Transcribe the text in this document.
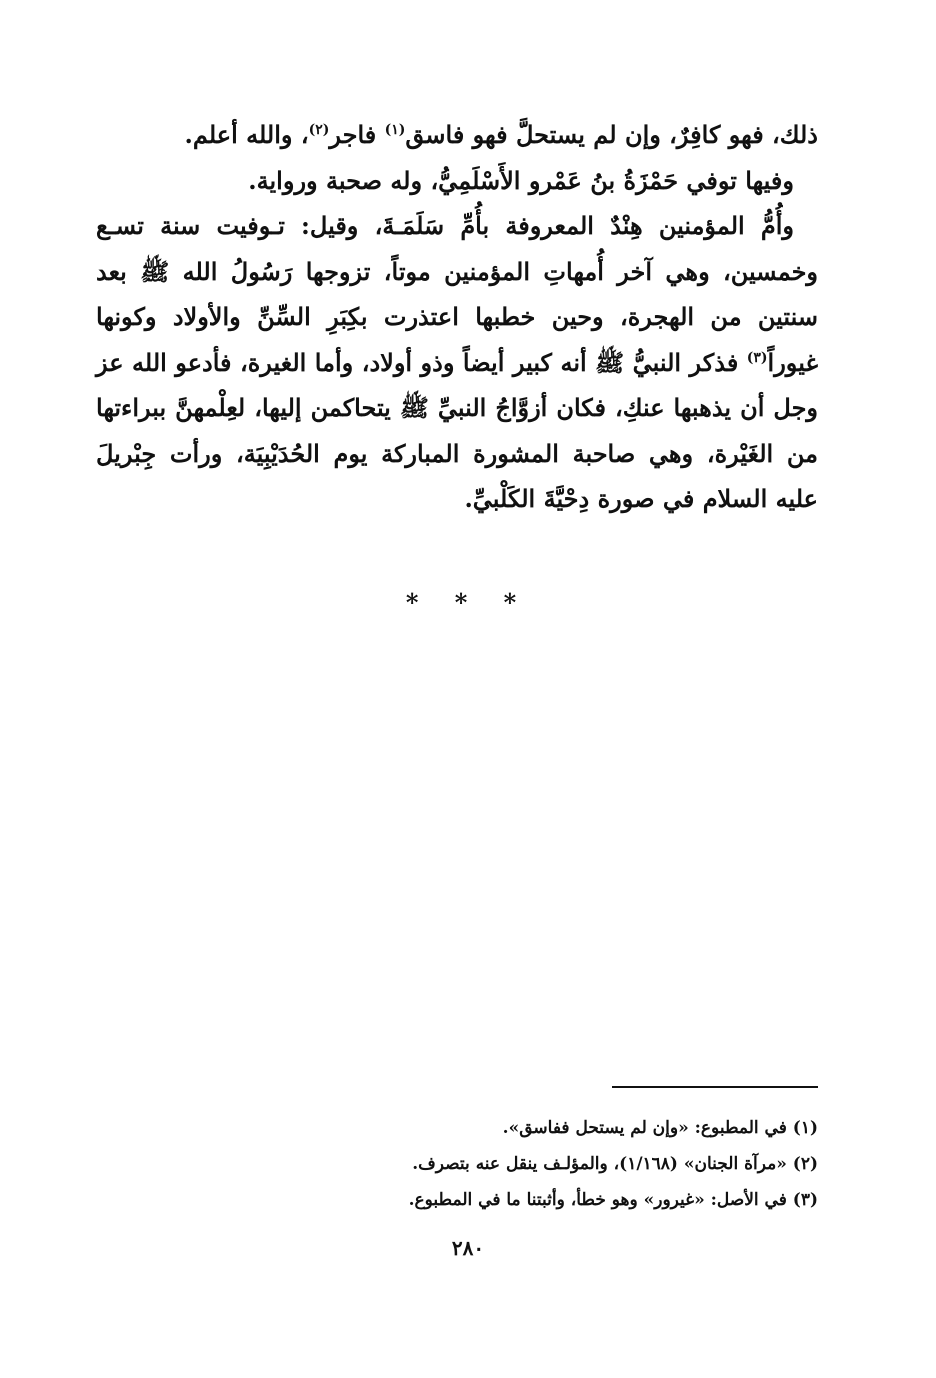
ذلك، فهو كافِرٌ، وإن لم يستحلَّ فهو فاسق$^{(١)}$ فاجر$^{(٢)}$، والله أعلم.

وفيها توفي حَمْزَةُ بنُ عَمْرو الأَسْلَمِيُّ، وله صحبة ورواية.

وأُمُّ المؤمنين هِنْدٌ المعروفة بأُمِّ سَلَمَـةَ، وقيل: تـوفيت سنة تسـع وخمسين، وهي آخر أُمهاتِ المؤمنين موتاً، تزوجها رَسُولُ الله ﷺ بعد سنتين من الهجرة، وحين خطبها اعتذرت بكِبَرِ السِّنِّ والأولاد وكونها غيوراً$^{(٣)}$ فذكر النبيُّ ﷺ أنه كبير أيضاً وذو أولاد، وأما الغيرة، فأدعو الله عز وجل أن يذهبها عنكِ، فكان أزوَّاجُ النبيِّ ﷺ يتحاكمن إليها، لعِلْمهنَّ ببراءتها من الغَيْرة، وهي صاحبة المشورة المباركة يوم الحُدَيْبِيَة، ورأت جِبْريلَ عليه السلام في صورة دِحْيَّةَ الكَلْبيِّ.

* * *
(١) في المطبوع: «وإن لم يستحل ففاسق».
(٢) «مرآة الجنان» (١/١٦٨)، والمؤلـف ينقل عنه بتصرف.
(٣) في الأصل: «غيرور» وهو خطأ، وأثبتنا ما في المطبوع.
٢٨٠
